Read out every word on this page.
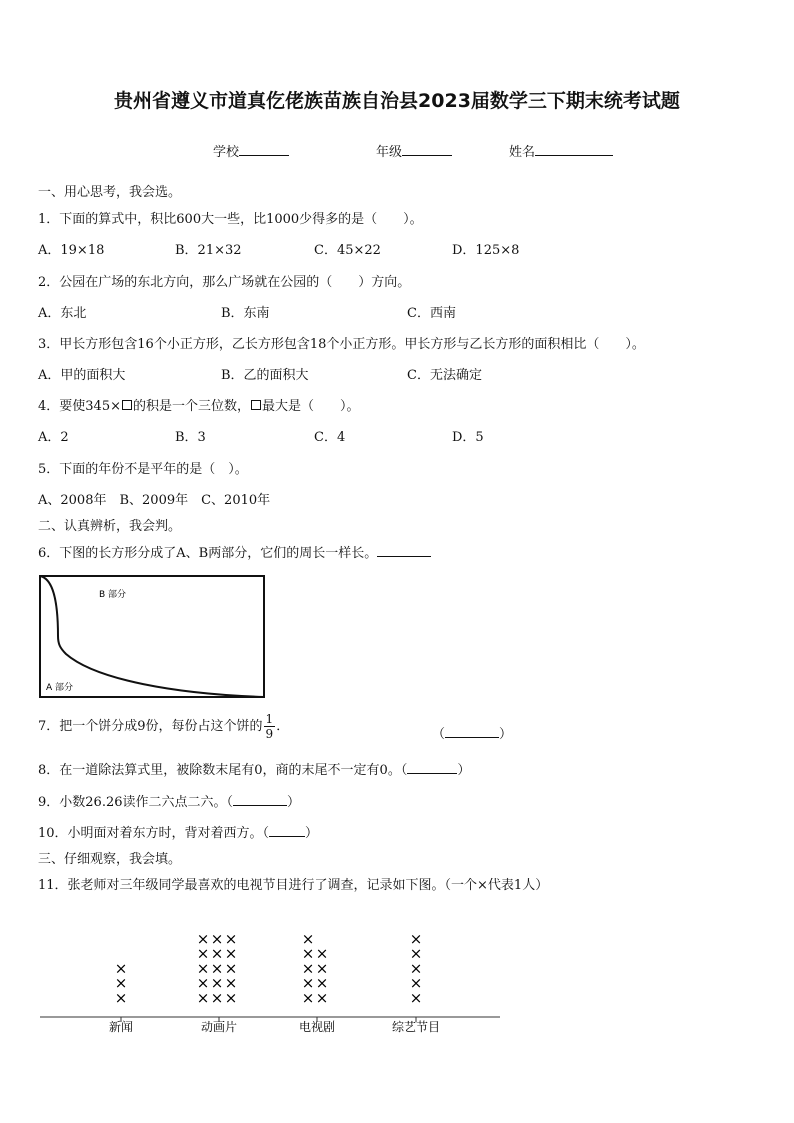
贵州省遵义市道真仡佬族苗族自治县2023届数学三下期末统考试题
学校	年级	姓名
一、用心思考，我会选。
1．下面的算式中，积比600大一些，比1000少得多的是（　　）。
A．19×18	B．21×32	C．45×22	D．125×8
2．公园在广场的东北方向，那么广场就在公园的（　　）方向。
A．东北	B．东南	C．西南
3．甲长方形包含16个小正方形，乙长方形包含18个小正方形。甲长方形与乙长方形的面积相比（　　）。
A．甲的面积大	B．乙的面积大	C．无法确定
4．要使345× 的积是一个三位数， 最大是（　　）。
A．2	B．3	C．4	D．5
5．下面的年份不是平年的是（　）。
A、2008年　B、2009年　C、2010年
二、认真辨析，我会判。
6．下图的长方形分成了A、B两部分，它们的周长一样长。
B 部分
A 部分
7．把一个饼分成9份，每份占这个饼的 $\frac{1}{9}$ ．
（	）
8．在一道除法算式里，被除数末尾有0，商的末尾不一定有0。（	）
9．小数26.26读作二六点二六。（	）
10．小明面对着东方时，背对着西方。（	）
三、仔细观察，我会填。
11．张老师对三年级同学最喜欢的电视节目进行了调查，记录如下图。（一个×代表1人）
×
×
×
新闻
×
×
×
×
×
×
×
×
×
×
×
×
×
×
×
动画片
×
×
×
×
×
×
×
×
×
电视剧
×
×
×
×
×
综艺节目
